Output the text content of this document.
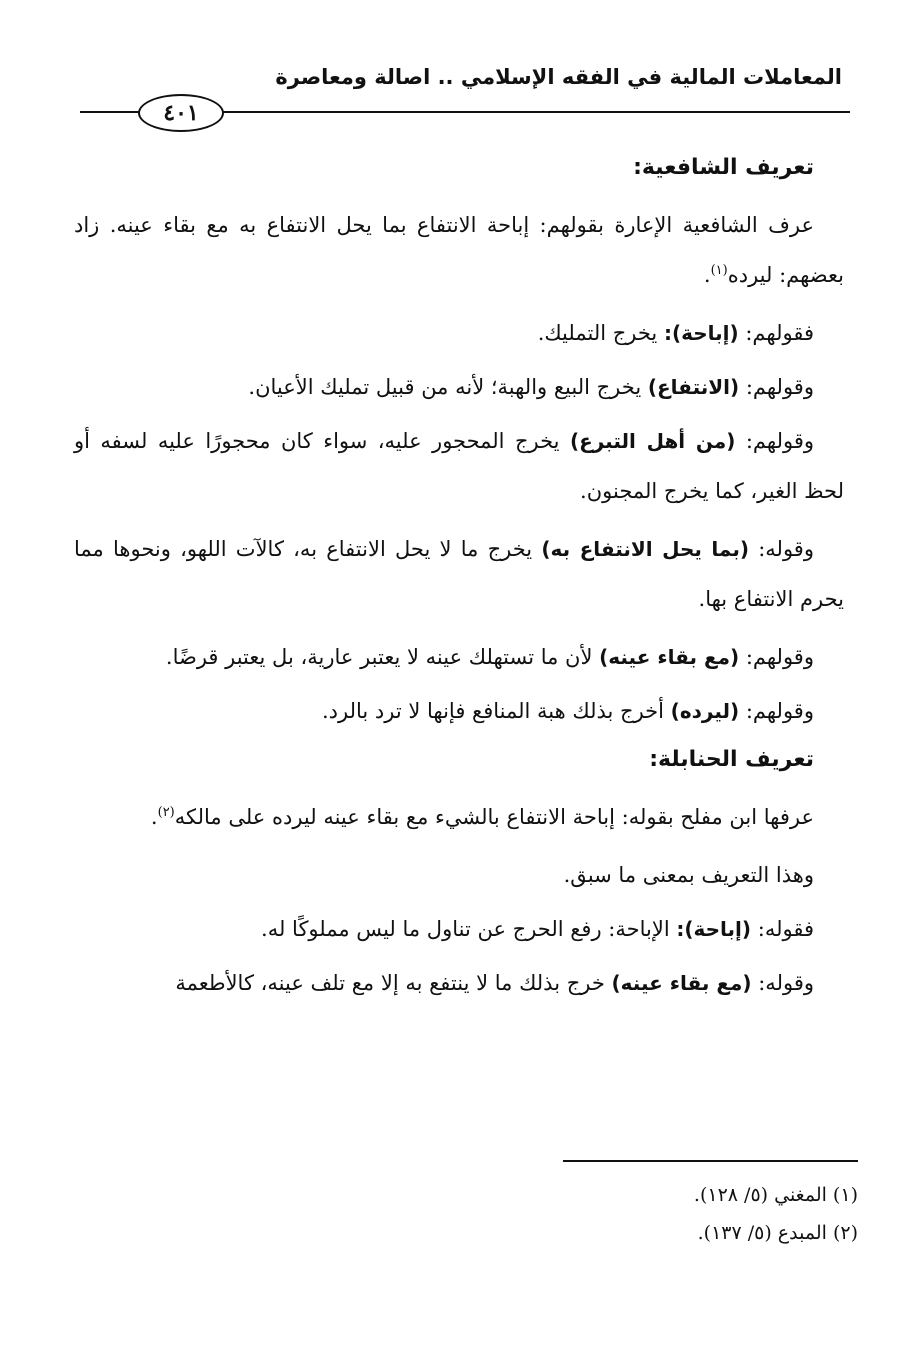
المعاملات المالية في الفقه الإسلامي .. اصالة ومعاصرة
٤٠١
تعريف الشافعية:

عرف الشافعية الإعارة بقولهم: إباحة الانتفاع بما يحل الانتفاع به مع بقاء عينه. زاد بعضهم: ليرده$^{(١)}$.

فقولهم: (إباحة): يخرج التمليك.

وقولهم: (الانتفاع) يخرج البيع والهبة؛ لأنه من قبيل تمليك الأعيان.

وقولهم: (من أهل التبرع) يخرج المحجور عليه، سواء كان محجورًا عليه لسفه أو لحظ الغير، كما يخرج المجنون.

وقوله: (بما يحل الانتفاع به) يخرج ما لا يحل الانتفاع به، كالآت اللهو، ونحوها مما يحرم الانتفاع بها.

وقولهم: (مع بقاء عينه) لأن ما تستهلك عينه لا يعتبر عارية، بل يعتبر قرضًا.

وقولهم: (ليرده) أخرج بذلك هبة المنافع فإنها لا ترد بالرد.

تعريف الحنابلة:

عرفها ابن مفلح بقوله: إباحة الانتفاع بالشيء مع بقاء عينه ليرده على مالكه$^{(٢)}$.

وهذا التعريف بمعنى ما سبق.

فقوله: (إباحة): الإباحة: رفع الحرج عن تناول ما ليس مملوكًا له.

وقوله: (مع بقاء عينه) خرج بذلك ما لا ينتفع به إلا مع تلف عينه، كالأطعمة

(١) المغني (٥/ ١٢٨).
(٢) المبدع (٥/ ١٣٧).
